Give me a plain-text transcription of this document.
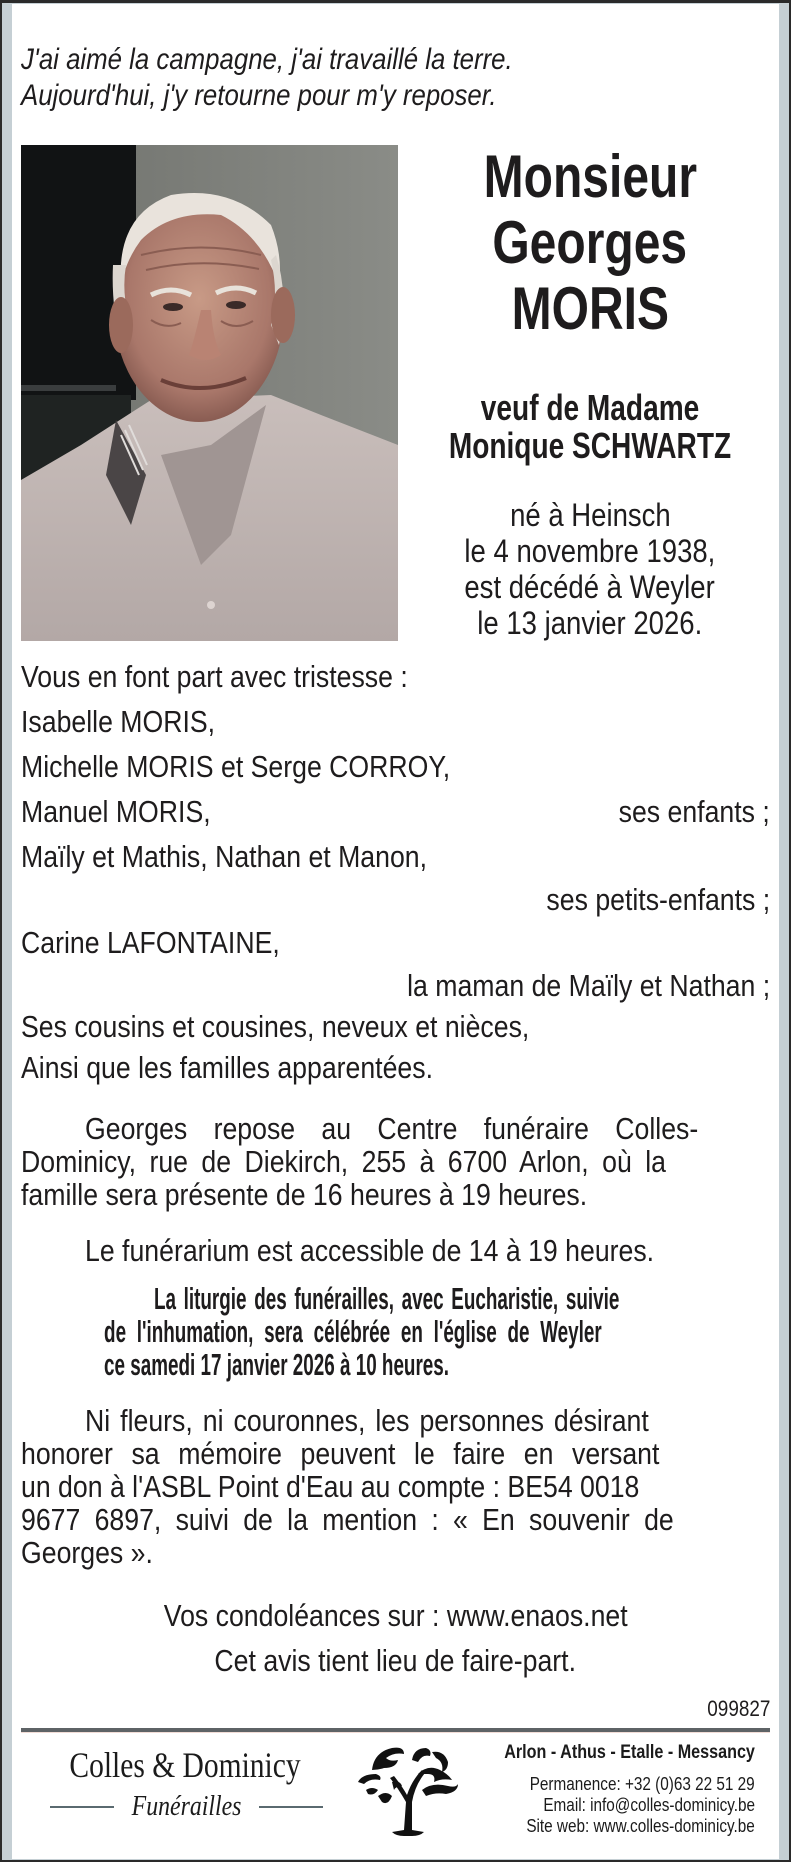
J'ai aimé la campagne, j'ai travaillé la terre.
Aujourd'hui, j'y retourne pour m'y reposer.
Monsieur
Georges
MORIS
veuf de Madame
Monique SCHWARTZ
né à Heinsch
le 4 novembre 1938,
est décédé à Weyler
le 13 janvier 2026.
Vous en font part avec tristesse :
Isabelle MORIS,
Michelle MORIS et Serge CORROY,
Manuel MORIS,	ses enfants ;
Maïly et Mathis, Nathan et Manon,
ses petits-enfants ;
Carine LAFONTAINE,
la maman de Maïly et Nathan ;
Ses cousins et cousines, neveux et nièces,
Ainsi que les familles apparentées.
Georges repose au Centre funéraire Colles-
Dominicy, rue de Diekirch, 255 à 6700 Arlon, où la
famille sera présente de 16 heures à 19 heures.
Le funérarium est accessible de 14 à 19 heures.
La liturgie des funérailles, avec Eucharistie, suivie
de l'inhumation, sera célébrée en l'église de Weyler
ce samedi 17 janvier 2026 à 10 heures.
Ni fleurs, ni couronnes, les personnes désirant
honorer sa mémoire peuvent le faire en versant
un don à l'ASBL Point d'Eau au compte : BE54 0018
9677 6897, suivi de la mention : « En souvenir de
Georges ».
Vos condoléances sur : www.enaos.net
Cet avis tient lieu de faire-part.
099827
Colles & Dominicy
Funérailles
Arlon - Athus - Etalle - Messancy
Permanence: +32 (0)63 22 51 29
Email: info@colles-dominicy.be
Site web: www.colles-dominicy.be
